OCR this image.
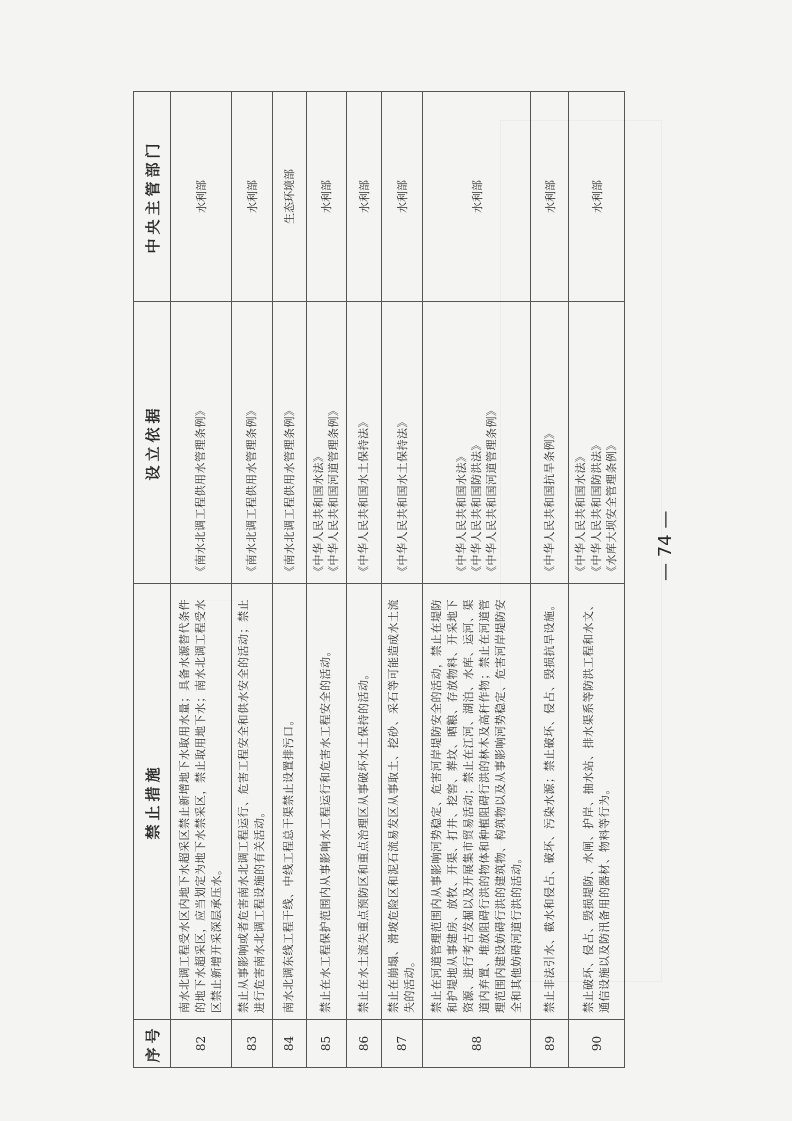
序号	禁止措施	设立依据	中央主管部门
82	南水北调工程受水区内地下水超采区禁止新增地下水取用水量；具备水源替代条件的地下水超采区，应当划定为地下水禁采区，禁止取用地下水；南水北调工程受水区禁止新增开采深层承压水。	《南水北调工程供用水管理条例》	水利部
83	禁止从事影响或者危害南水北调工程运行、危害工程安全和供水安全的活动；禁止进行危害南水北调工程设施的有关活动。	《南水北调工程供用水管理条例》	水利部
84	南水北调东线工程干线、中线工程总干渠禁止设置排污口。	《南水北调工程供用水管理条例》	生态环境部
85	禁止在水工程保护范围内从事影响水工程运行和危害水工程安全的活动。	《中华人民共和国水法》 《中华人民共和国河道管理条例》	水利部
86	禁止在水土流失重点预防区和重点治理区从事破坏水土保持的活动。	《中华人民共和国水土保持法》	水利部
87	禁止在崩塌、滑坡危险区和泥石流易发区从事取土、挖砂、采石等可能造成水土流失的活动。	《中华人民共和国水土保持法》	水利部
88	禁止在河道管理范围内从事影响河势稳定、危害河岸堤防安全的活动，禁止在堤防和护堤地从事建房、放牧、开渠、打井、挖窖、葬坟、晒粮、存放物料、开采地下资源、进行考古发掘以及开展集市贸易活动；禁止在江河、湖泊、水库、运河、渠道内弃置、堆放阻碍行洪的物体和种植阻碍行洪的林木及高秆作物；禁止在河道管理范围内建设妨碍行洪的建筑物、构筑物以及从事影响河势稳定、危害河岸堤防安全和其他妨碍河道行洪的活动。	《中华人民共和国水法》 《中华人民共和国防洪法》 《中华人民共和国河道管理条例》	水利部
89	禁止非法引水、截水和侵占、破坏、污染水源；禁止破坏、侵占、毁损抗旱设施。	《中华人民共和国抗旱条例》	水利部
90	禁止破坏、侵占、毁损堤防、水闸、护岸、抽水站、排水渠系等防洪工程和水文、通信设施以及防汛备用的器材、物料等行为。	《中华人民共和国水法》 《中华人民共和国防洪法》 《水库大坝安全管理条例》	水利部
— 74 —
